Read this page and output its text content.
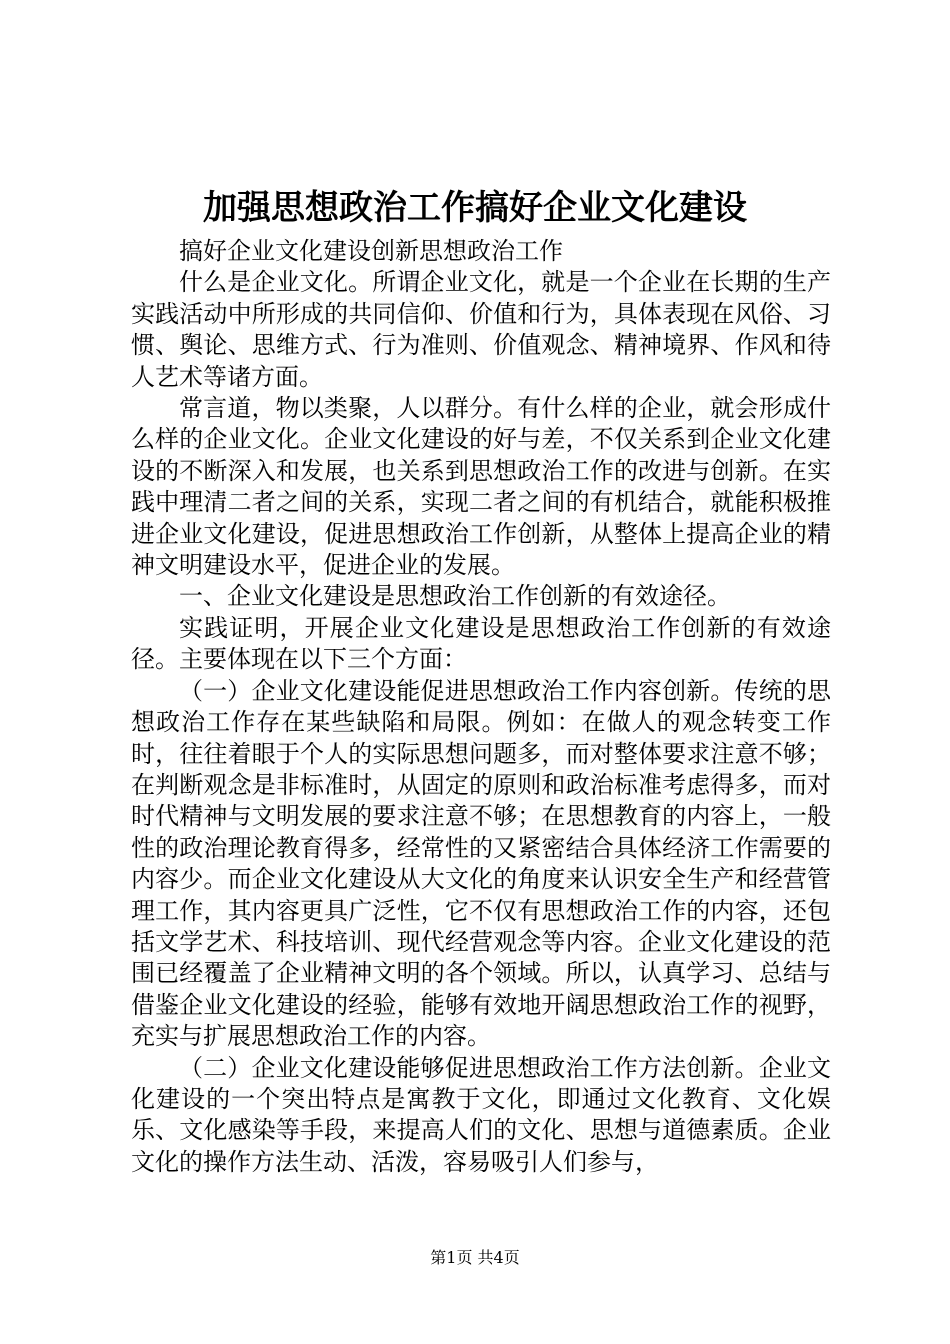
加强思想政治工作搞好企业文化建设

搞好企业文化建设创新思想政治工作

什么是企业文化。所谓企业文化，就是一个企业在长期的生产实践活动中所形成的共同信仰、价值和行为，具体表现在风俗、习惯、舆论、思维方式、行为准则、价值观念、精神境界、作风和待人艺术等诸方面。

常言道，物以类聚，人以群分。有什么样的企业，就会形成什么样的企业文化。企业文化建设的好与差，不仅关系到企业文化建设的不断深入和发展，也关系到思想政治工作的改进与创新。在实践中理清二者之间的关系，实现二者之间的有机结合，就能积极推进企业文化建设，促进思想政治工作创新，从整体上提高企业的精神文明建设水平，促进企业的发展。

一、企业文化建设是思想政治工作创新的有效途径。

实践证明，开展企业文化建设是思想政治工作创新的有效途径。主要体现在以下三个方面：

（一）企业文化建设能促进思想政治工作内容创新。传统的思想政治工作存在某些缺陷和局限。例如：在做人的观念转变工作时，往往着眼于个人的实际思想问题多，而对整体要求注意不够；在判断观念是非标准时，从固定的原则和政治标准考虑得多，而对时代精神与文明发展的要求注意不够；在思想教育的内容上，一般性的政治理论教育得多，经常性的又紧密结合具体经济工作需要的内容少。而企业文化建设从大文化的角度来认识安全生产和经营管理工作，其内容更具广泛性，它不仅有思想政治工作的内容，还包括文学艺术、科技培训、现代经营观念等内容。企业文化建设的范围已经覆盖了企业精神文明的各个领域。所以，认真学习、总结与借鉴企业文化建设的经验，能够有效地开阔思想政治工作的视野，充实与扩展思想政治工作的内容。

（二）企业文化建设能够促进思想政治工作方法创新。企业文化建设的一个突出特点是寓教于文化，即通过文化教育、文化娱乐、文化感染等手段，来提高人们的文化、思想与道德素质。企业文化的操作方法生动、活泼，容易吸引人们参与，

第1页 共4页
